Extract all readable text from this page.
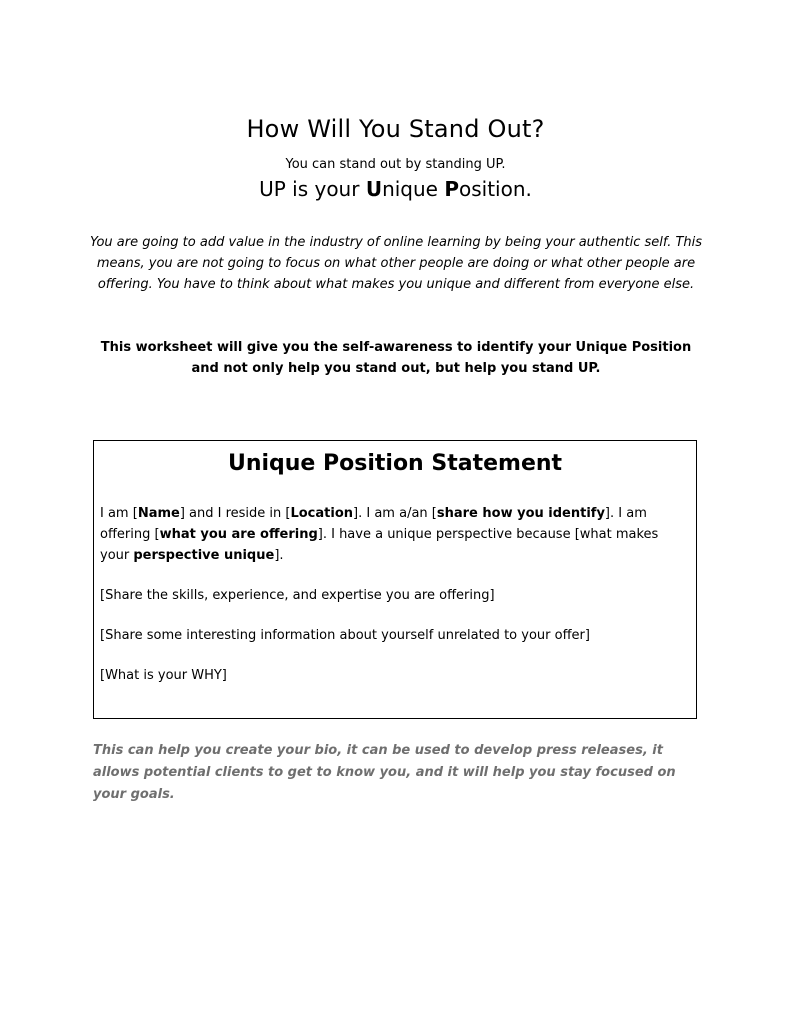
How Will You Stand Out?
You can stand out by standing UP.
UP is your Unique Position.
You are going to add value in the industry of online learning by being your authentic self. This means, you are not going to focus on what other people are doing or what other people are offering. You have to think about what makes you unique and different from everyone else.
This worksheet will give you the self-awareness to identify your Unique Position and not only help you stand out, but help you stand UP.
Unique Position Statement

I am [Name] and I reside in [Location]. I am a/an [share how you identify]. I am offering [what you are offering]. I have a unique perspective because [what makes your perspective unique].

[Share the skills, experience, and expertise you are offering]

[Share some interesting information about yourself unrelated to your offer]

[What is your WHY]

This can help you create your bio, it can be used to develop press releases, it allows potential clients to get to know you, and it will help you stay focused on your goals.
